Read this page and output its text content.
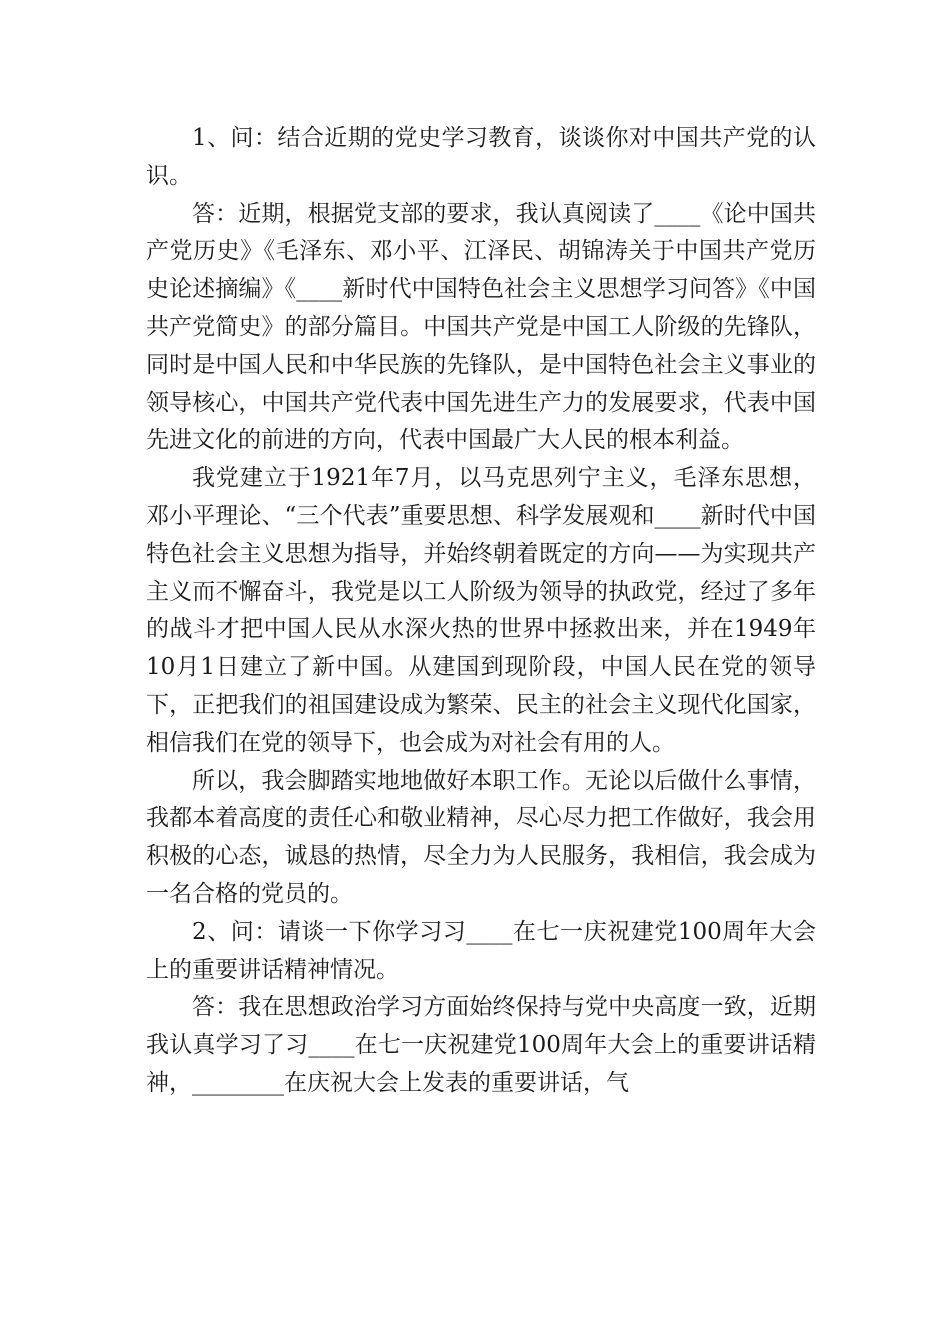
1、问：结合近期的党史学习教育，谈谈你对中国共产党的认识。

答：近期，根据党支部的要求，我认真阅读了____《论中国共产党历史》《毛泽东、邓小平、江泽民、胡锦涛关于中国共产党历史论述摘编》《____新时代中国特色社会主义思想学习问答》《中国共产党简史》的部分篇目。中国共产党是中国工人阶级的先锋队，同时是中国人民和中华民族的先锋队，是中国特色社会主义事业的领导核心，中国共产党代表中国先进生产力的发展要求，代表中国先进文化的前进的方向，代表中国最广大人民的根本利益。

我党建立于1921年7月，以马克思列宁主义，毛泽东思想，邓小平理论、“三个代表”重要思想、科学发展观和____新时代中国特色社会主义思想为指导，并始终朝着既定的方向——为实现共产主义而不懈奋斗，我党是以工人阶级为领导的执政党，经过了多年的战斗才把中国人民从水深火热的世界中拯救出来，并在1949年10月1日建立了新中国。从建国到现阶段，中国人民在党的领导下，正把我们的祖国建设成为繁荣、民主的社会主义现代化国家，相信我们在党的领导下，也会成为对社会有用的人。

所以，我会脚踏实地地做好本职工作。无论以后做什么事情，我都本着高度的责任心和敬业精神，尽心尽力把工作做好，我会用积极的心态，诚恳的热情，尽全力为人民服务，我相信，我会成为一名合格的党员的。

2、问：请谈一下你学习习____在七一庆祝建党100周年大会上的重要讲话精神情况。

答：我在思想政治学习方面始终保持与党中央高度一致，近期我认真学习了习____在七一庆祝建党100周年大会上的重要讲话精神，________在庆祝大会上发表的重要讲话，气
